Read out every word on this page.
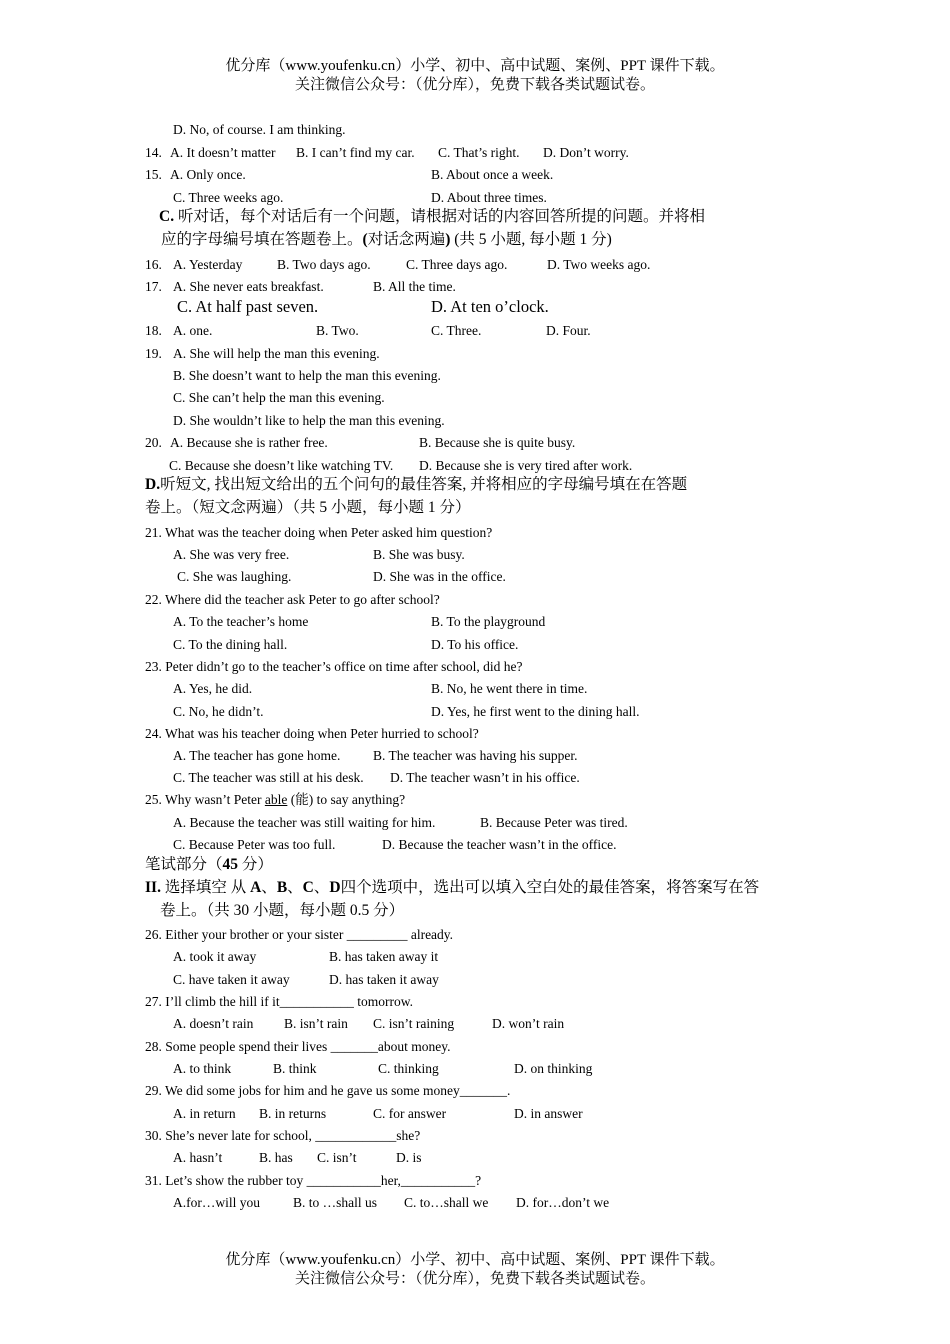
优分库（www.youfenku.cn）小学、初中、高中试题、案例、PPT 课件下载。
关注微信公众号：（优分库），免费下载各类试题试卷。
D. No, of course. I am thinking.
14. A. It doesn’t matter B. I can’t find my car. C. That’s right. D. Don’t worry.
15. A. Only once.	B. About once a week.
C. Three weeks ago.	D. About three times.
C. 听对话，每个对话后有一个问题，请根据对话的内容回答所提的问题。并将相
应的字母编号填在答题卷上。(对话念两遍) (共 5 小题, 每小题 1 分)
16. A. Yesterday	B. Two days ago.	C. Three days ago.	D. Two weeks ago.
17. A. She never eats breakfast.	B. All the time.
C. At half past seven.	D. At ten o’clock.
18. A. one.	B. Two.	C. Three.	D. Four.
19. A. She will help the man this evening.
B. She doesn’t want to help the man this evening.
C. She can’t help the man this evening.
D. She wouldn’t like to help the man this evening.
20. A. Because she is rather free.	B. Because she is quite busy.
C. Because she doesn’t like watching TV. D. Because she is very tired after work.
D.听短文, 找出短文给出的五个问句的最佳答案, 并将相应的字母编号填在在答题
卷上。（短文念两遍）（共 5 小题，每小题 1 分）
21. What was the teacher doing when Peter asked him question?
A. She was very free.	B. She was busy.
C. She was laughing.	D. She was in the office.
22. Where did the teacher ask Peter to go after school?
A. To the teacher’s home	B. To the playground
C. To the dining hall.	D. To his office.
23. Peter didn’t go to the teacher’s office on time after school, did he?
A. Yes, he did.	B. No, he went there in time.
C. No, he didn’t.	D. Yes, he first went to the dining hall.
24. What was his teacher doing when Peter hurried to school?
A. The teacher has gone home. B. The teacher was having his supper.
C. The teacher was still at his desk. D. The teacher wasn’t in his office.
25. Why wasn’t Peter able (能) to say anything?
A. Because the teacher was still waiting for him.	B. Because Peter was tired.
C. Because Peter was too full.	D. Because the teacher wasn’t in the office.
笔试部分（45 分）
II. 选择填空 从 A、B、C、D四个选项中，选出可以填入空白处的最佳答案，将答案写在答
卷上。（共 30 小题，每小题 0.5 分）
26. Either your brother or your sister _________ already.
A. took it away	B. has taken away it
C. have taken it away	D. has taken it away
27. I’ll climb the hill if it___________ tomorrow.
A. doesn’t rain B. isn’t rain C. isn’t raining	D. won’t rain
28. Some people spend their lives _______about money.
A. to think	B. think	C. thinking	D. on thinking
29. We did some jobs for him and he gave us some money_______.
A. in return B. in returns	C. for answer	D. in answer
30. She’s never late for school, ____________she?
A. hasn’t	B. has C. isn’t	D. is
31. Let’s show the rubber toy ___________her,___________?
A.for…will you B. to …shall us C. to…shall we D. for…don’t we
优分库（www.youfenku.cn）小学、初中、高中试题、案例、PPT 课件下载。
关注微信公众号：（优分库），免费下载各类试题试卷。
